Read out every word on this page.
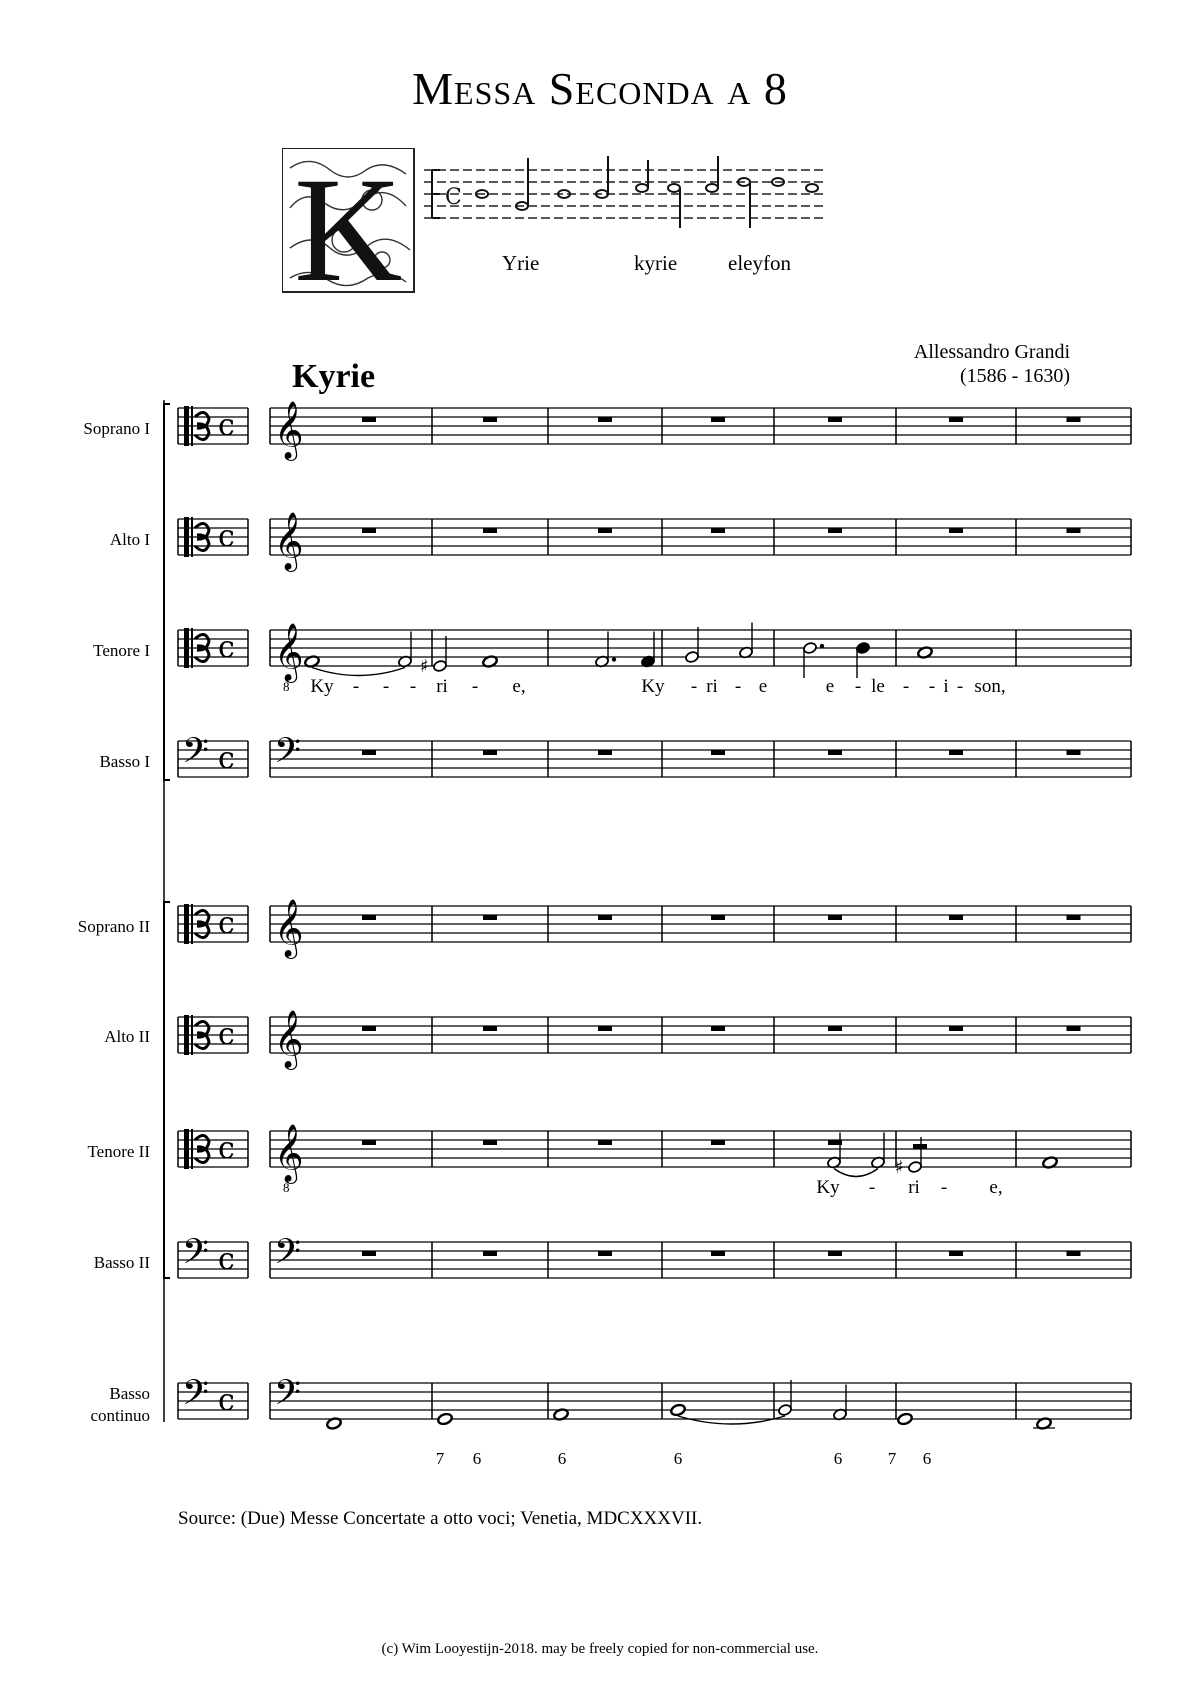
Messa Seconda a 8
K C
Yrie	kyrie eleyfon
Allessandro Grandi
(1586 - 1630)
Kyrie
Soprano I
Alto I
Tenore I
Basso I
Soprano II
Alto II
Tenore II
Basso II
Basso
continuo
c 𝄞
c 𝄞
c 𝄞
8
𝄢 c 𝄢
c 𝄞
c 𝄞
c 𝄞
8
𝄢 c 𝄢
𝄢 c 𝄢
♯
♯
Ky - - - ri - e,	Ky - ri - e	e - le - - i - son,
Ky - ri - e,
7 6	6	6	6	7 6
Source: (Due) Messe Concertate a otto voci; Venetia, MDCXXXVII.
(c) Wim Looyestijn-2018. may be freely copied for non-commercial use.
